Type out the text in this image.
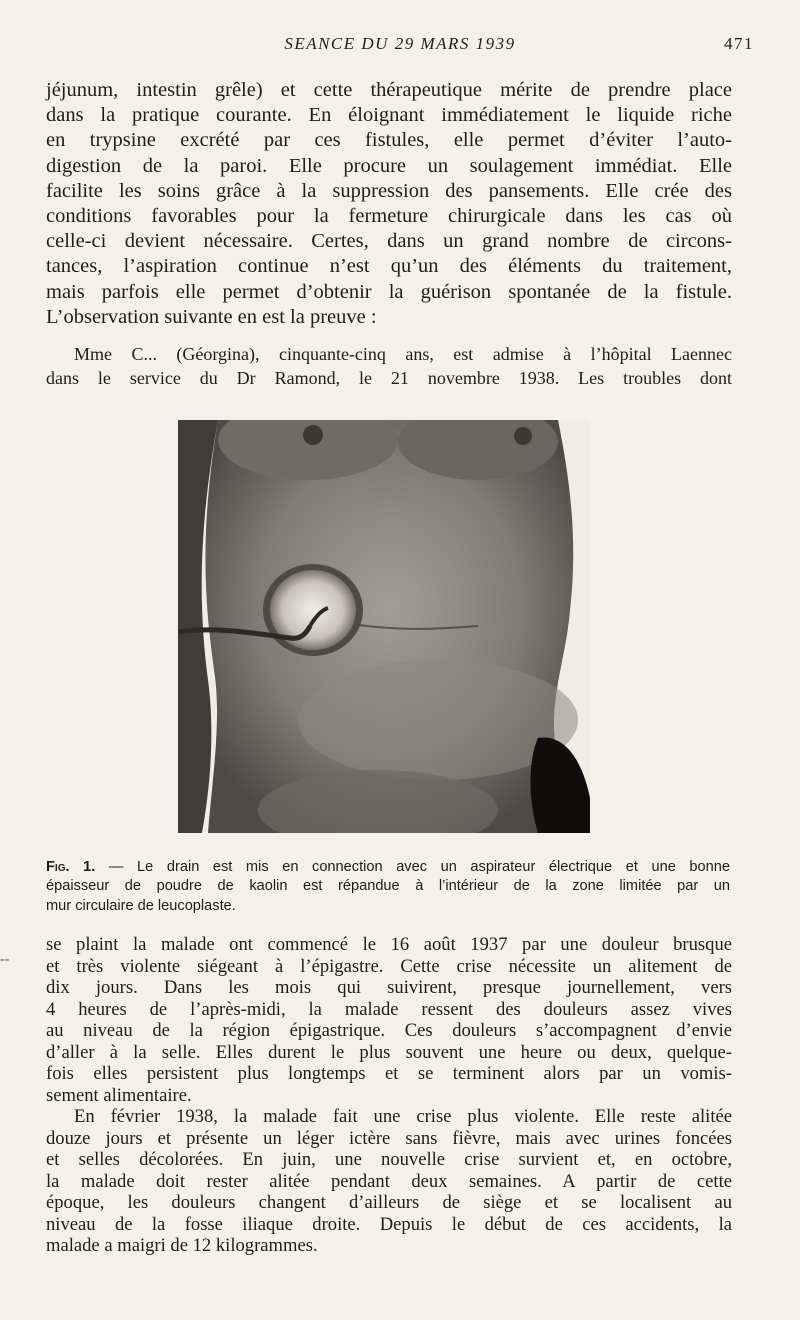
SEANCE DU 29 MARS 1939	471
jéjunum, intestin grêle) et cette thérapeutique mérite de prendre place
dans la pratique courante. En éloignant immédiatement le liquide riche
en trypsine excrété par ces fistules, elle permet d’éviter l’auto-
digestion de la paroi. Elle procure un soulagement immédiat. Elle
facilite les soins grâce à la suppression des pansements. Elle crée des
conditions favorables pour la fermeture chirurgicale dans les cas où
celle-ci devient nécessaire. Certes, dans un grand nombre de circons-
tances, l’aspiration continue n’est qu’un des éléments du traitement,
mais parfois elle permet d’obtenir la guérison spontanée de la fistule.
L’observation suivante en est la preuve :
Mme C... (Géorgina), cinquante-cinq ans, est admise à l’hôpital Laennec
dans le service du Dr Ramond, le 21 novembre 1938. Les troubles dont
Fig. 1. — Le drain est mis en connection avec un aspirateur électrique et une bonne
épaisseur de poudre de kaolin est répandue à l’intérieur de la zone limitée par un
mur circulaire de leucoplaste.
--
se plaint la malade ont commencé le 16 août 1937 par une douleur brusque
et très violente siégeant à l’épigastre. Cette crise nécessite un alitement de
dix jours. Dans les mois qui suivirent, presque journellement, vers
4 heures de l’après-midi, la malade ressent des douleurs assez vives
au niveau de la région épigastrique. Ces douleurs s’accompagnent d’envie
d’aller à la selle. Elles durent le plus souvent une heure ou deux, quelque-
fois elles persistent plus longtemps et se terminent alors par un vomis-
sement alimentaire.
En février 1938, la malade fait une crise plus violente. Elle reste alitée
douze jours et présente un léger ictère sans fièvre, mais avec urines foncées
et selles décolorées. En juin, une nouvelle crise survient et, en octobre,
la malade doit rester alitée pendant deux semaines. A partir de cette
époque, les douleurs changent d’ailleurs de siège et se localisent au
niveau de la fosse iliaque droite. Depuis le début de ces accidents, la
malade a maigri de 12 kilogrammes.
